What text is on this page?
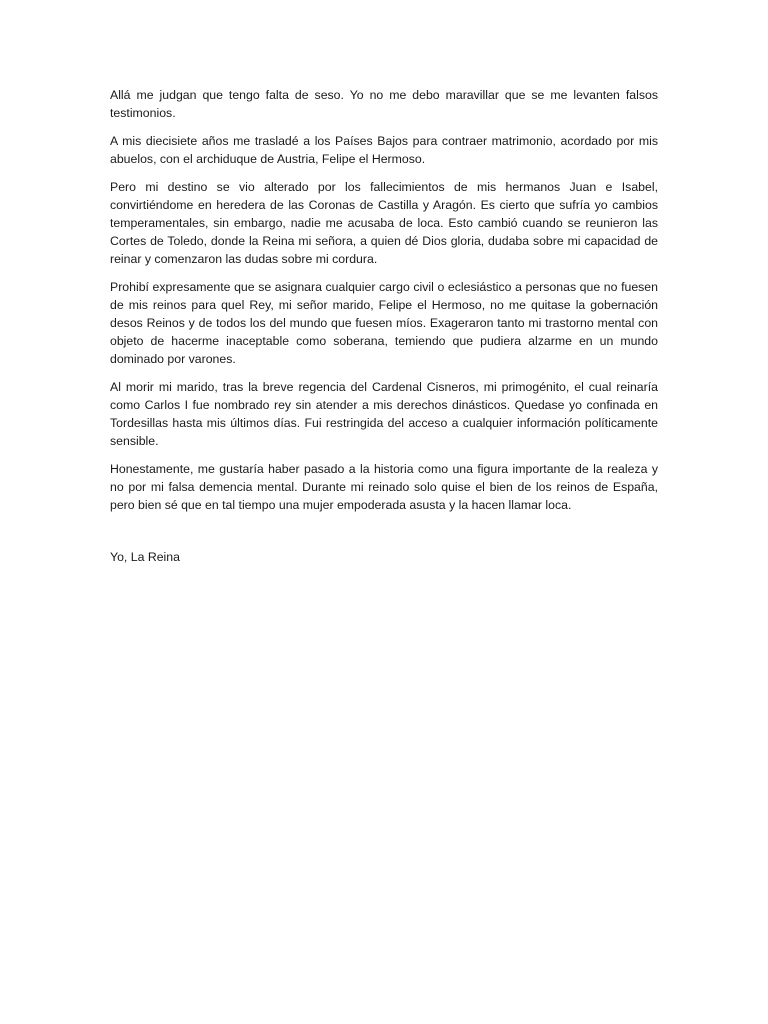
Allá me judgan que tengo falta de seso. Yo no me debo maravillar que se me levanten falsos testimonios.

A mis diecisiete años me trasladé a los Países Bajos para contraer matrimonio, acordado por mis abuelos, con el archiduque de Austria, Felipe el Hermoso.

Pero mi destino se vio alterado por los fallecimientos de mis hermanos Juan e Isabel, convirtiéndome en heredera de las Coronas de Castilla y Aragón. Es cierto que sufría yo cambios temperamentales, sin embargo, nadie me acusaba de loca. Esto cambió cuando se reunieron las Cortes de Toledo, donde la Reina mi señora, a quien dé Dios gloria, dudaba sobre mi capacidad de reinar y comenzaron las dudas sobre mi cordura.

Prohibí expresamente que se asignara cualquier cargo civil o eclesiástico a personas que no fuesen de mis reinos para quel Rey, mi señor marido, Felipe el Hermoso, no me quitase la gobernación desos Reinos y de todos los del mundo que fuesen míos. Exageraron tanto mi trastorno mental con objeto de hacerme inaceptable como soberana, temiendo que pudiera alzarme en un mundo dominado por varones.

Al morir mi marido, tras la breve regencia del Cardenal Cisneros, mi primogénito, el cual reinaría como Carlos I fue nombrado rey sin atender a mis derechos dinásticos. Quedase yo confinada en Tordesillas hasta mis últimos días. Fui restringida del acceso a cualquier información políticamente sensible.

Honestamente, me gustaría haber pasado a la historia como una figura importante de la realeza y no por mi falsa demencia mental. Durante mi reinado solo quise el bien de los reinos de España, pero bien sé que en tal tiempo una mujer empoderada asusta y la hacen llamar loca.

Yo, La Reina
